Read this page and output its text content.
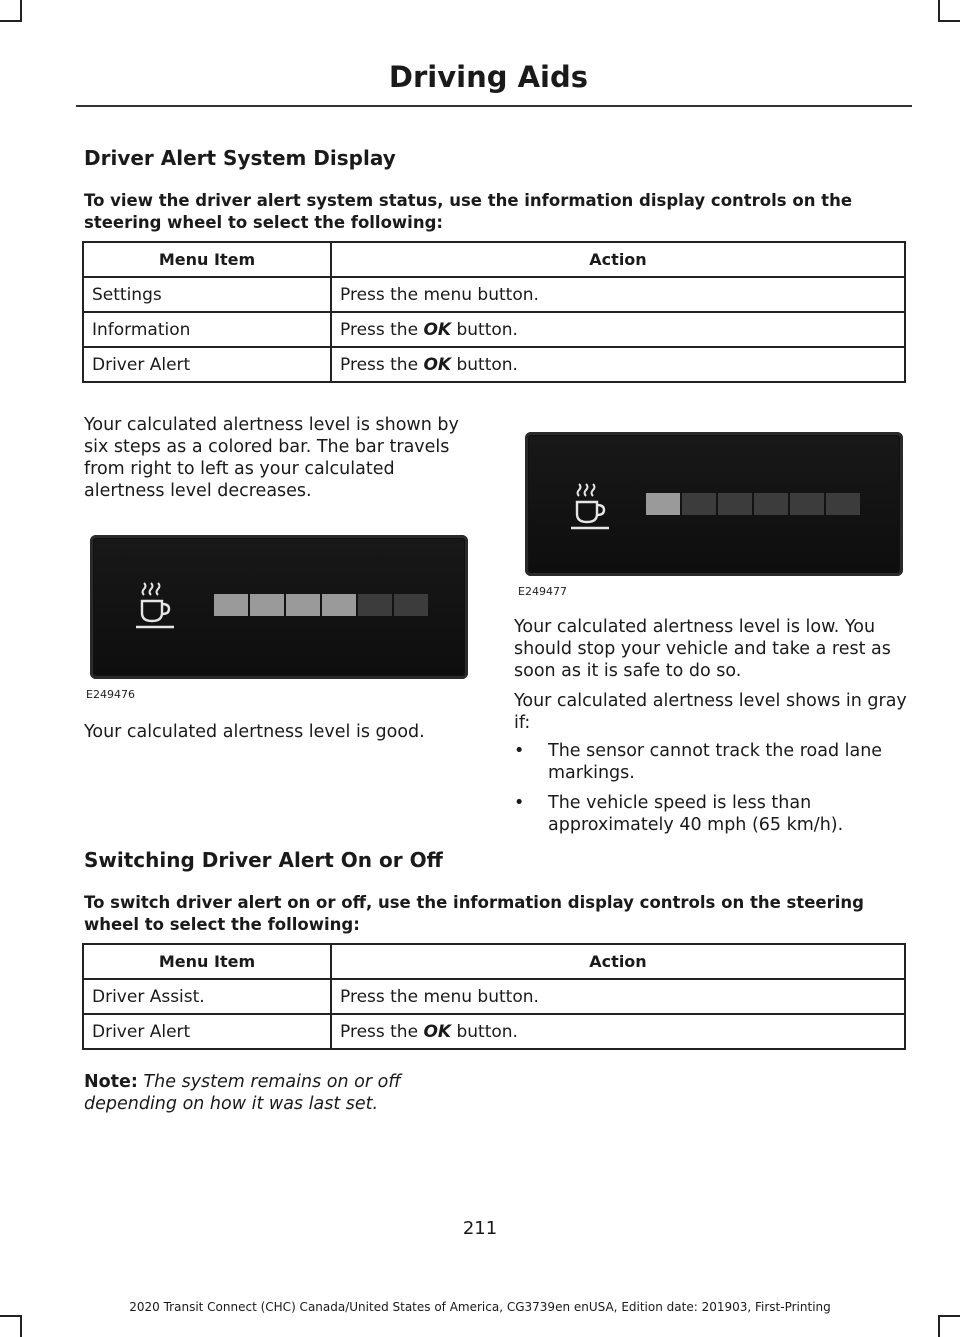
Driving Aids
Driver Alert System Display
To view the driver alert system status, use the information display controls on the steering wheel to select the following:
Menu Item	Action
Settings	Press the menu button.
Information	Press the OK button.
Driver Alert	Press the OK button.
Your calculated alertness level is shown by six steps as a colored bar. The bar travels from right to left as your calculated alertness level decreases.
E249476
Your calculated alertness level is good.
E249477
Your calculated alertness level is low. You should stop your vehicle and take a rest as soon as it is safe to do so.
Your calculated alertness level shows in gray if:
• The sensor cannot track the road lane markings.
• The vehicle speed is less than approximately 40 mph (65 km/h).
Switching Driver Alert On or Off
To switch driver alert on or off, use the information display controls on the steering wheel to select the following:
Menu Item	Action
Driver Assist.	Press the menu button.
Driver Alert	Press the OK button.
Note: The system remains on or off depending on how it was last set.
211
2020 Transit Connect (CHC) Canada/United States of America, CG3739en enUSA, Edition date: 201903, First-Printing
